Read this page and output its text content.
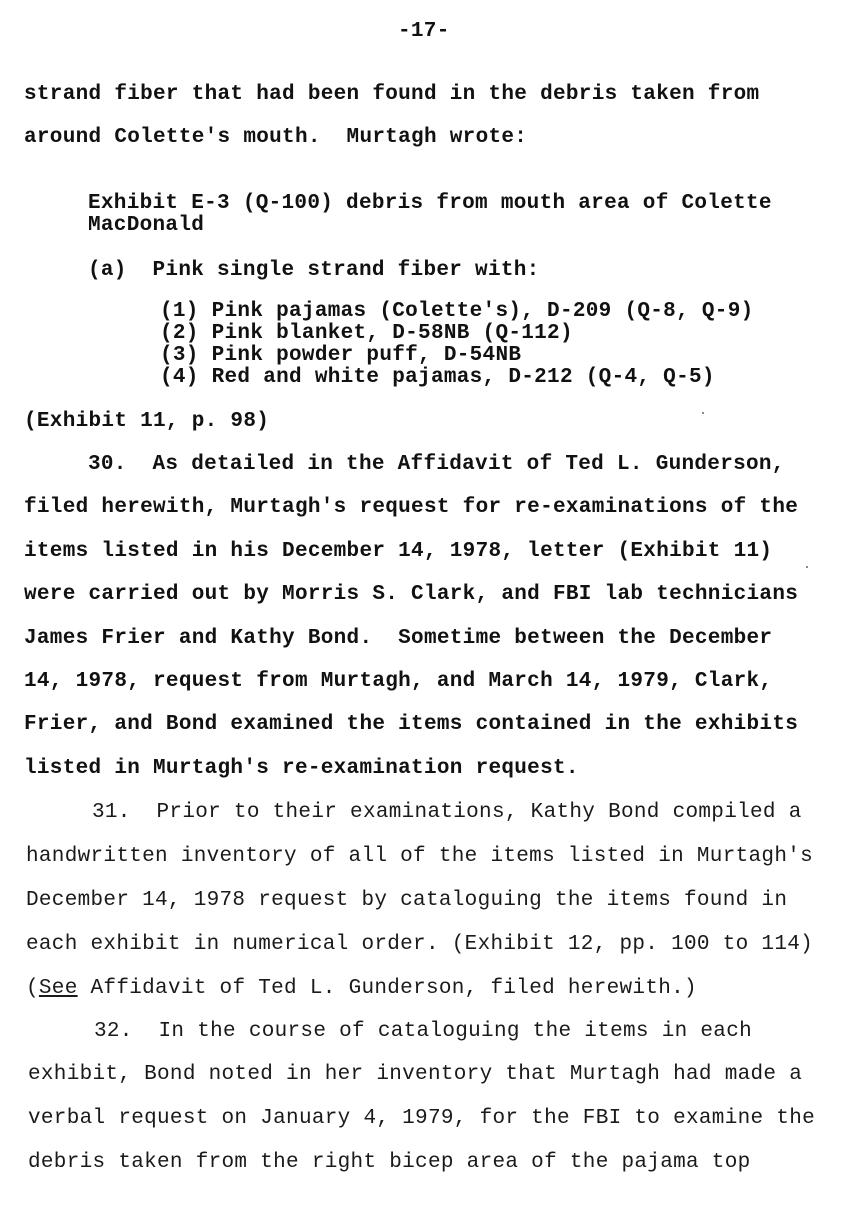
-17-
strand fiber that had been found in the debris taken from
around Colette's mouth.  Murtagh wrote:
Exhibit E-3 (Q-100) debris from mouth area of Colette
MacDonald
(a)  Pink single strand fiber with:
(1) Pink pajamas (Colette's), D-209 (Q-8, Q-9)
(2) Pink blanket, D-58NB (Q-112)
(3) Pink powder puff, D-54NB
(4) Red and white pajamas, D-212 (Q-4, Q-5)
(Exhibit 11, p. 98)
30.  As detailed in the Affidavit of Ted L. Gunderson,
filed herewith, Murtagh's request for re-examinations of the
items listed in his December 14, 1978, letter (Exhibit 11)
were carried out by Morris S. Clark, and FBI lab technicians
James Frier and Kathy Bond.  Sometime between the December
14, 1978, request from Murtagh, and March 14, 1979, Clark,
Frier, and Bond examined the items contained in the exhibits
listed in Murtagh's re-examination request.
31.  Prior to their examinations, Kathy Bond compiled a
handwritten inventory of all of the items listed in Murtagh's
December 14, 1978 request by cataloguing the items found in
each exhibit in numerical order. (Exhibit 12, pp. 100 to 114)
(See Affidavit of Ted L. Gunderson, filed herewith.)
32.  In the course of cataloguing the items in each
exhibit, Bond noted in her inventory that Murtagh had made a
verbal request on January 4, 1979, for the FBI to examine the
debris taken from the right bicep area of the pajama top
